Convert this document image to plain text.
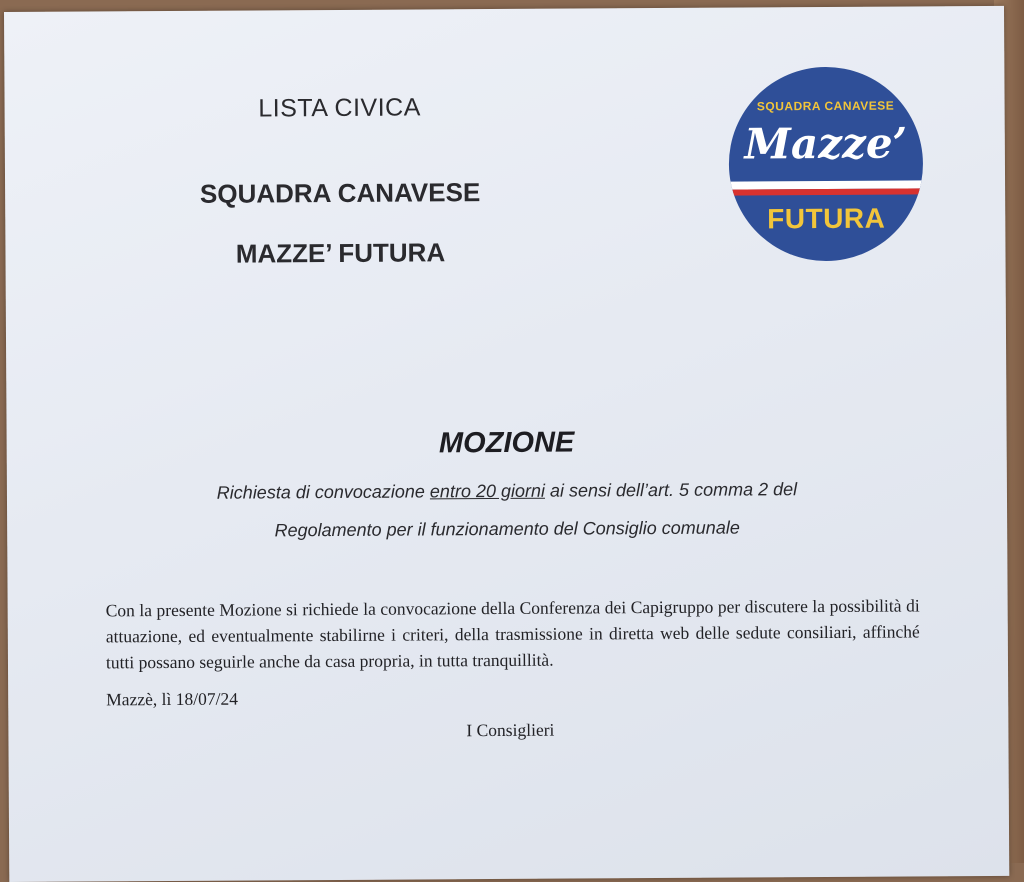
LISTA CIVICA

SQUADRA CANAVESE

MAZZE’ FUTURA

SQUADRA CANAVESE
Mazze’
FUTURA
MOZIONE

Richiesta di convocazione entro 20 giorni ai sensi dell’art. 5 comma 2 del

Regolamento per il funzionamento del Consiglio comunale

Con la presente Mozione si richiede la convocazione della Conferenza dei Capigruppo per discutere la possibilità di attuazione, ed eventualmente stabilirne i criteri, della trasmissione in diretta web delle sedute consiliari, affinché tutti possano seguirle anche da casa propria, in tutta tranquillità.

Mazzè, lì 18/07/24

I Consiglieri
